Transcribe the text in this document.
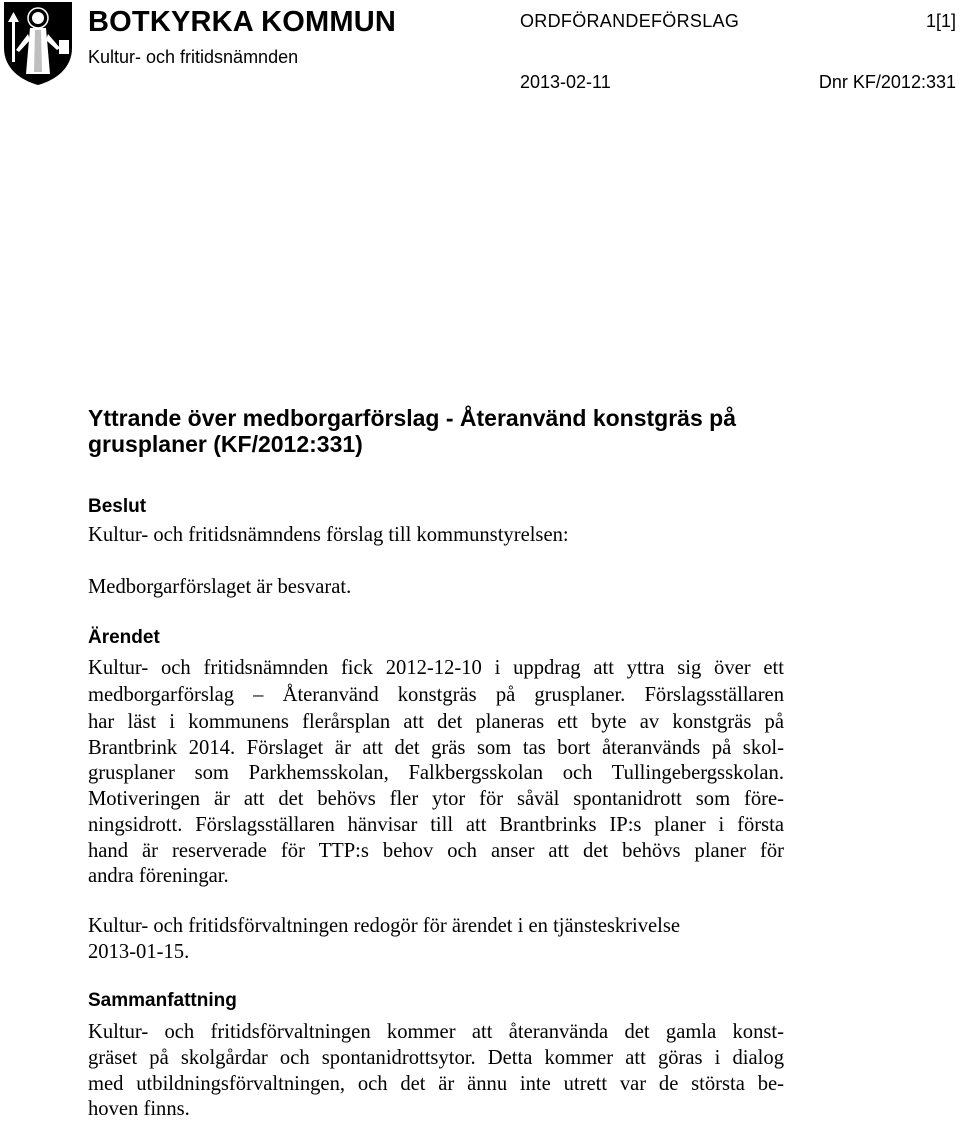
BOTKYRKA KOMMUN
Kultur- och fritidsnämnden
ORDFÖRANDEFÖRSLAG	1[1]
2013-02-11	Dnr KF/2012:331
Yttrande över medborgarförslag - Återanvänd konstgräs på
grusplaner (KF/2012:331)
Beslut
Kultur- och fritidsnämndens förslag till kommunstyrelsen:
Medborgarförslaget är besvarat.
Ärendet
Kultur- och fritidsnämnden fick 2012-12-10 i uppdrag att yttra sig över ett
medborgarförslag – Återanvänd konstgräs på grusplaner. Förslagsställaren
har läst i kommunens flerårsplan att det planeras ett byte av konstgräs på
Brantbrink 2014. Förslaget är att det gräs som tas bort återanvänds på skol-
grusplaner som Parkhemsskolan, Falkbergsskolan och Tullingebergsskolan.
Motiveringen är att det behövs fler ytor för såväl spontanidrott som före-
ningsidrott. Förslagsställaren hänvisar till att Brantbrinks IP:s planer i första
hand är reserverade för TTP:s behov och anser att det behövs planer för
andra föreningar.
Kultur- och fritidsförvaltningen redogör för ärendet i en tjänsteskrivelse
2013-01-15.
Sammanfattning
Kultur- och fritidsförvaltningen kommer att återanvända det gamla konst-
gräset på skolgårdar och spontanidrottsytor. Detta kommer att göras i dialog
med utbildningsförvaltningen, och det är ännu inte utrett var de största be-
hoven finns.
